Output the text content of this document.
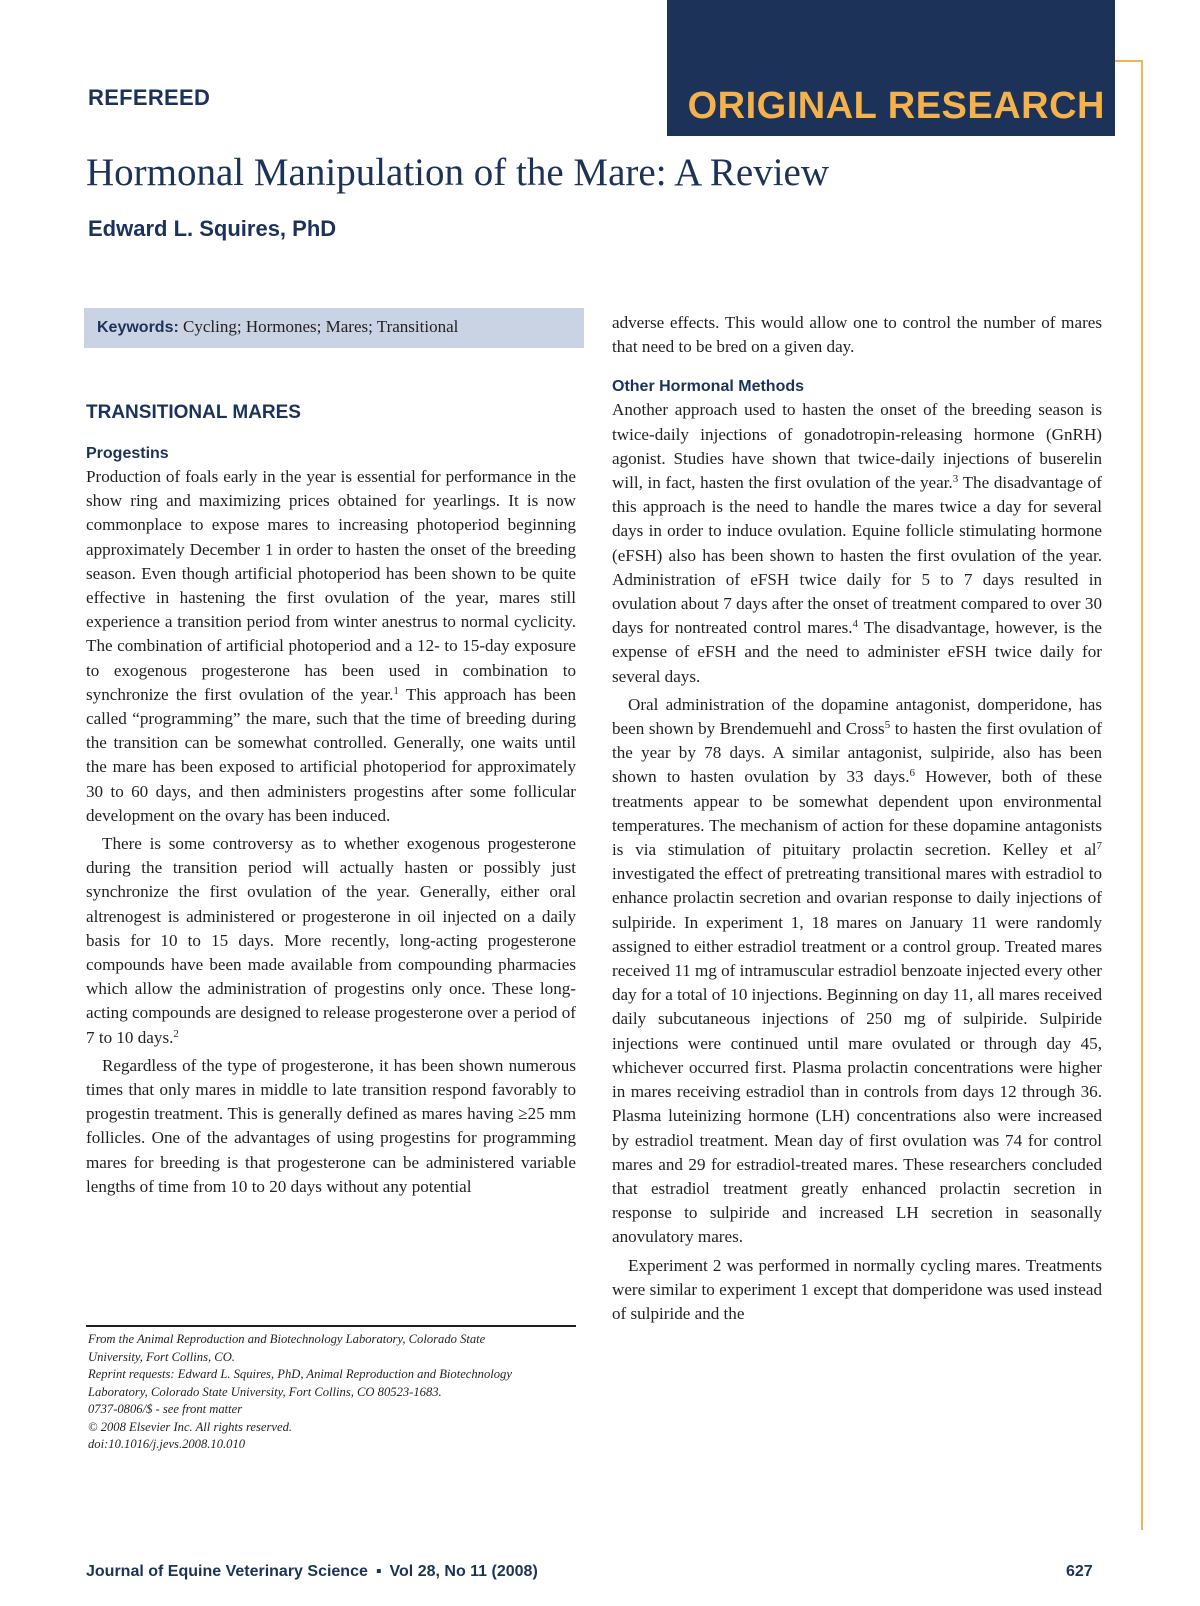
ORIGINAL RESEARCH
REFEREED
Hormonal Manipulation of the Mare: A Review
Edward L. Squires, PhD
Keywords: Cycling; Hormones; Mares; Transitional
TRANSITIONAL MARES
Progestins

Production of foals early in the year is essential for performance in the show ring and maximizing prices obtained for yearlings. It is now commonplace to expose mares to increasing photoperiod beginning approximately December 1 in order to hasten the onset of the breeding season. Even though artificial photoperiod has been shown to be quite effective in hastening the first ovulation of the year, mares still experience a transition period from winter anestrus to normal cyclicity. The combination of artificial photoperiod and a 12- to 15-day exposure to exogenous progesterone has been used in combination to synchronize the first ovulation of the year.$^1$ This approach has been called “programming” the mare, such that the time of breeding during the transition can be somewhat controlled. Generally, one waits until the mare has been exposed to artificial photoperiod for approximately 30 to 60 days, and then administers progestins after some follicular development on the ovary has been induced.

There is some controversy as to whether exogenous progesterone during the transition period will actually hasten or possibly just synchronize the first ovulation of the year. Generally, either oral altrenogest is administered or progesterone in oil injected on a daily basis for 10 to 15 days. More recently, long-acting progesterone compounds have been made available from compounding pharmacies which allow the administration of progestins only once. These long-acting compounds are designed to release progesterone over a period of 7 to 10 days.$^2$

Regardless of the type of progesterone, it has been shown numerous times that only mares in middle to late transition respond favorably to progestin treatment. This is generally defined as mares having ≥25 mm follicles. One of the advantages of using progestins for programming mares for breeding is that progesterone can be administered variable lengths of time from 10 to 20 days without any potential

adverse effects. This would allow one to control the number of mares that need to be bred on a given day.

Other Hormonal Methods

Another approach used to hasten the onset of the breeding season is twice-daily injections of gonadotropin-releasing hormone (GnRH) agonist. Studies have shown that twice-daily injections of buserelin will, in fact, hasten the first ovulation of the year.$^3$ The disadvantage of this approach is the need to handle the mares twice a day for several days in order to induce ovulation. Equine follicle stimulating hormone (eFSH) also has been shown to hasten the first ovulation of the year. Administration of eFSH twice daily for 5 to 7 days resulted in ovulation about 7 days after the onset of treatment compared to over 30 days for nontreated control mares.$^4$ The disadvantage, however, is the expense of eFSH and the need to administer eFSH twice daily for several days.

Oral administration of the dopamine antagonist, domperidone, has been shown by Brendemuehl and Cross$^5$ to hasten the first ovulation of the year by 78 days. A similar antagonist, sulpiride, also has been shown to hasten ovulation by 33 days.$^6$ However, both of these treatments appear to be somewhat dependent upon environmental temperatures. The mechanism of action for these dopamine antagonists is via stimulation of pituitary prolactin secretion. Kelley et $al^7$ investigated the effect of pretreating transitional mares with estradiol to enhance prolactin secretion and ovarian response to daily injections of sulpiride. In experiment 1, 18 mares on January 11 were randomly assigned to either estradiol treatment or a control group. Treated mares received 11 mg of intramuscular estradiol benzoate injected every other day for a total of 10 injections. Beginning on day 11, all mares received daily subcutaneous injections of 250 mg of sulpiride. Sulpiride injections were continued until mare ovulated or through day 45, whichever occurred first. Plasma prolactin concentrations were higher in mares receiving estradiol than in controls from days 12 through 36. Plasma luteinizing hormone (LH) concentrations also were increased by estradiol treatment. Mean day of first ovulation was 74 for control mares and 29 for estradiol-treated mares. These researchers concluded that estradiol treatment greatly enhanced prolactin secretion in response to sulpiride and increased LH secretion in seasonally anovulatory mares.

Experiment 2 was performed in normally cycling mares. Treatments were similar to experiment 1 except that domperidone was used instead of sulpiride and the

From the Animal Reproduction and Biotechnology Laboratory, Colorado State
University, Fort Collins, CO.
Reprint requests: Edward L. Squires, PhD, Animal Reproduction and Biotechnology
Laboratory, Colorado State University, Fort Collins, CO 80523-1683.
0737-0806/$ - see front matter
© 2008 Elsevier Inc. All rights reserved.
doi:10.1016/j.jevs.2008.10.010
Journal of Equine Veterinary Science ▪ Vol 28, No 11 (2008)	627
